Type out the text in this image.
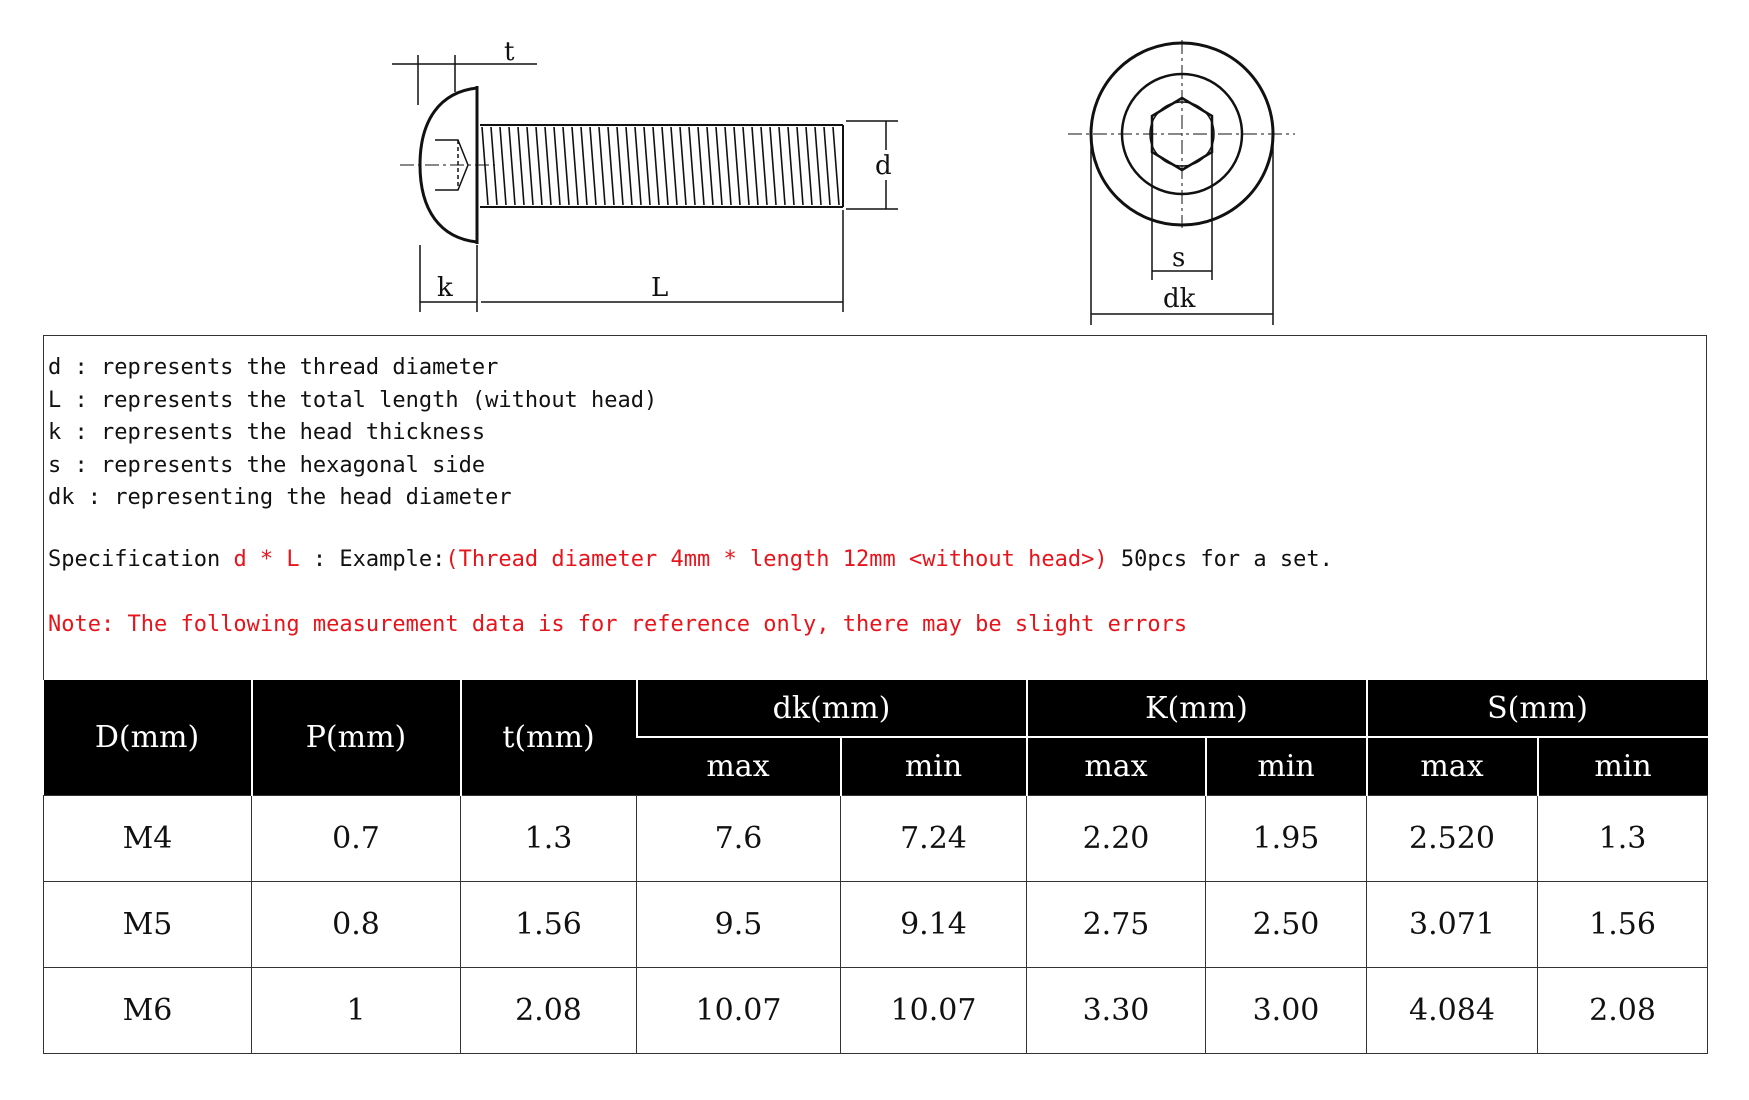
t
k	L
d
s
dk
d : represents the thread diameter
L : represents the total length (without head)
k : represents the head thickness
s : represents the hexagonal side
dk : representing the head diameter
Specification d * L : Example:(Thread diameter 4mm * length 12mm <without head>) 50pcs for a set.
Note: The following measurement data is for reference only, there may be slight errors
D(mm)	P(mm)	t(mm)	dk(mm)		K(mm)		S(mm)	
			max	min	max	min	max	min
M4	0.7	1.3	7.6	7.24	2.20	1.95	2.520	1.3
M5	0.8	1.56	9.5	9.14	2.75	2.50	3.071	1.56
M6	1	2.08	10.07	10.07	3.30	3.00	4.084	2.08
